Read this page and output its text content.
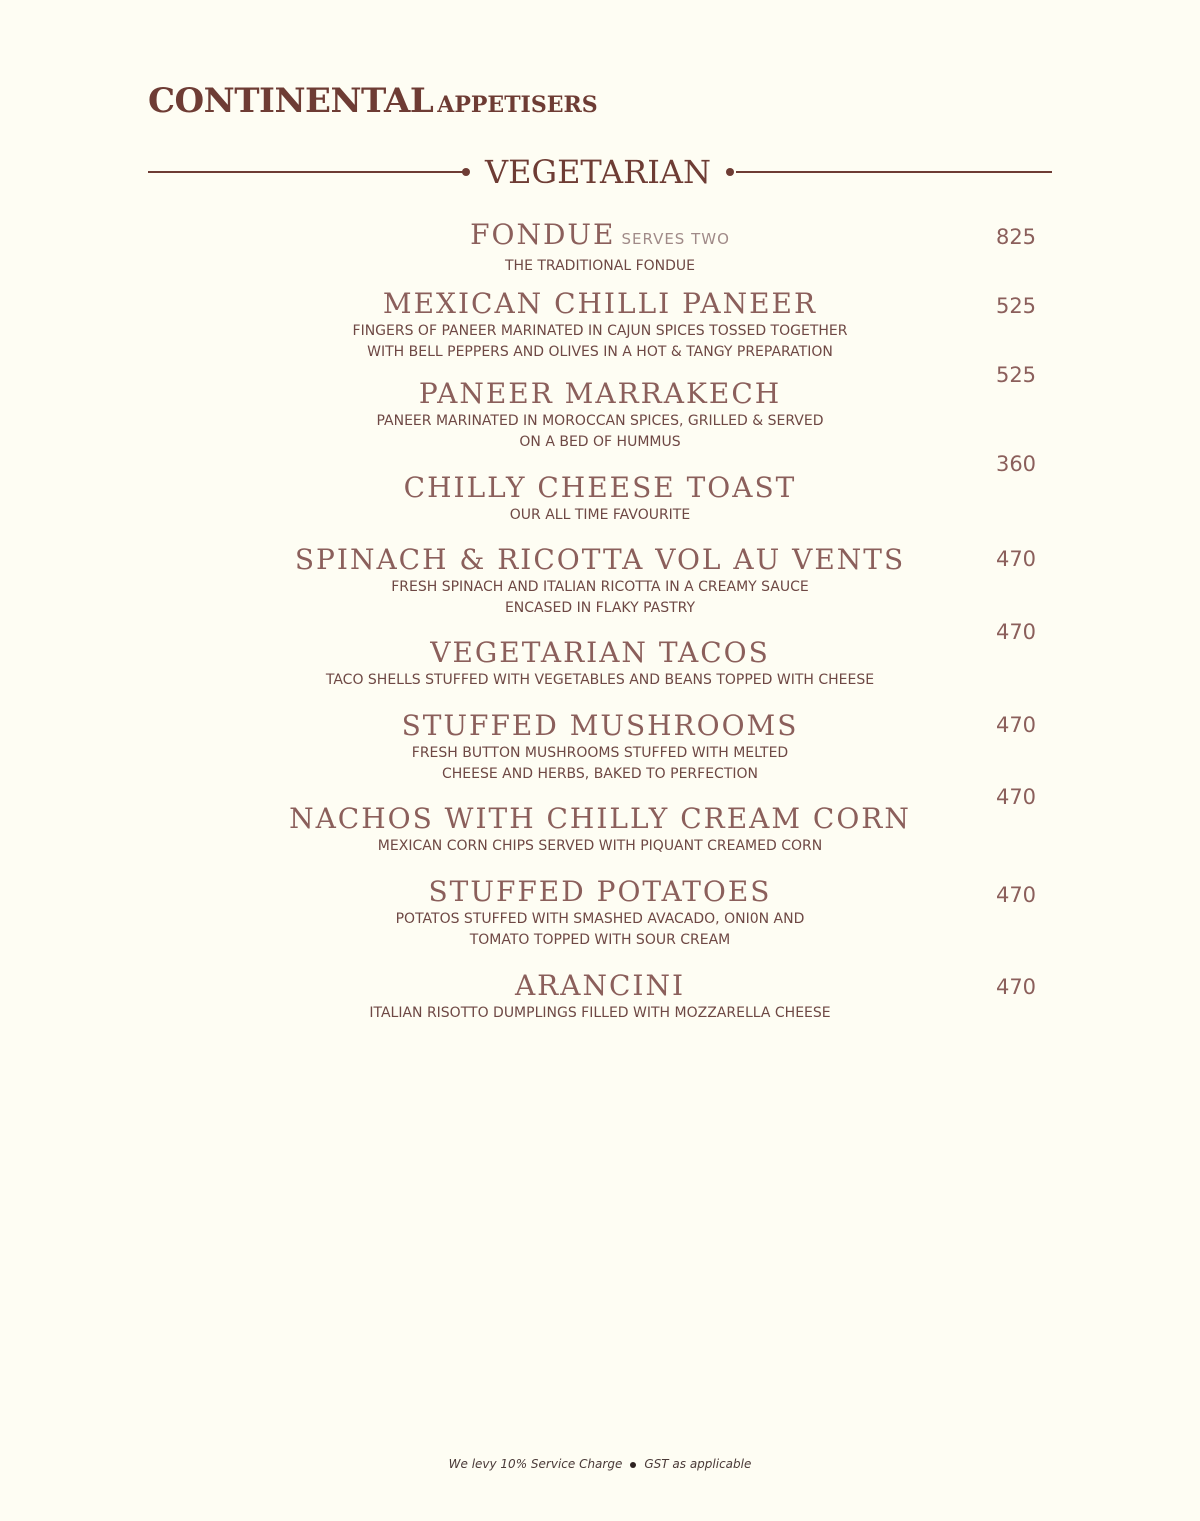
CONTINENTAL APPETISERS
VEGETARIAN
FONDUE SERVES TWO
THE TRADITIONAL FONDUE
825
MEXICAN CHILLI PANEER
FINGERS OF PANEER MARINATED IN CAJUN SPICES TOSSED TOGETHER
WITH BELL PEPPERS AND OLIVES IN A HOT & TANGY PREPARATION
525
PANEER MARRAKECH
PANEER MARINATED IN MOROCCAN SPICES, GRILLED & SERVED
ON A BED OF HUMMUS
525
CHILLY CHEESE TOAST
OUR ALL TIME FAVOURITE
360
SPINACH & RICOTTA VOL AU VENTS
FRESH SPINACH AND ITALIAN RICOTTA IN A CREAMY SAUCE
ENCASED IN FLAKY PASTRY
470
VEGETARIAN TACOS
TACO SHELLS STUFFED WITH VEGETABLES AND BEANS TOPPED WITH CHEESE
470
STUFFED MUSHROOMS
FRESH BUTTON MUSHROOMS STUFFED WITH MELTED
CHEESE AND HERBS, BAKED TO PERFECTION
470
NACHOS WITH CHILLY CREAM CORN
MEXICAN CORN CHIPS SERVED WITH PIQUANT CREAMED CORN
470
STUFFED POTATOES
POTATOS STUFFED WITH SMASHED AVACADO, ONI0N AND
TOMATO TOPPED WITH SOUR CREAM
470
ARANCINI
ITALIAN RISOTTO DUMPLINGS FILLED WITH MOZZARELLA CHEESE
470
We levy 10% Service Charge GST as applicable
